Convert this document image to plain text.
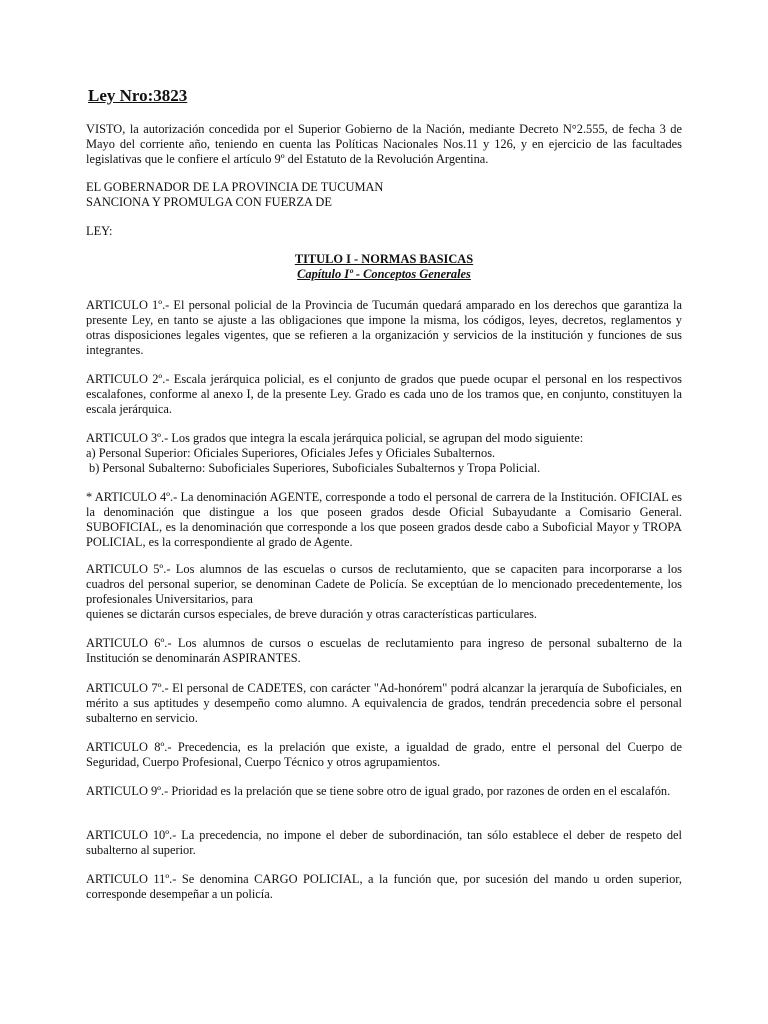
Ley Nro:3823

VISTO, la autorización concedida por el Superior Gobierno de la Nación, mediante Decreto N°2.555, de fecha 3 de Mayo del corriente año, teniendo en cuenta las Políticas Nacionales Nos.11 y 126, y en ejercicio de las facultades legislativas que le confiere el artículo 9º del Estatuto de la Revolución Argentina.

EL GOBERNADOR DE LA PROVINCIA DE TUCUMAN
SANCIONA Y PROMULGA CON FUERZA DE

LEY:

TITULO I - NORMAS BASICAS
Capítulo Iº - Conceptos Generales

ARTICULO 1º.- El personal policial de la Provincia de Tucumán quedará amparado en los derechos que garantiza la presente Ley, en tanto se ajuste a las obligaciones que impone la misma, los códigos, leyes, decretos, reglamentos y otras disposiciones legales vigentes, que se refieren a la organización y servicios de la institución y funciones de sus integrantes.

ARTICULO 2º.- Escala jerárquica policial, es el conjunto de grados que puede ocupar el personal en los respectivos escalafones, conforme al anexo I, de la presente Ley. Grado es cada uno de los tramos que, en conjunto, constituyen la escala jerárquica.

ARTICULO 3º.- Los grados que integra la escala jerárquica policial, se agrupan del modo siguiente:
a) Personal Superior: Oficiales Superiores, Oficiales Jefes y Oficiales Subalternos.
b) Personal Subalterno: Suboficiales Superiores, Suboficiales Subalternos y Tropa Policial.

* ARTICULO 4º.- La denominación AGENTE, corresponde a todo el personal de carrera de la Institución. OFICIAL es la denominación que distingue a los que poseen grados desde Oficial Subayudante a Comisario General. SUBOFICIAL, es la denominación que corresponde a los que poseen grados desde cabo a Suboficial Mayor y TROPA POLICIAL, es la correspondiente al grado de Agente.

ARTICULO 5º.- Los alumnos de las escuelas o cursos de reclutamiento, que se capaciten para incorporarse a los cuadros del personal superior, se denominan Cadete de Policía. Se exceptúan de lo mencionado precedentemente, los profesionales Universitarios, para
quienes se dictarán cursos especiales, de breve duración y otras características particulares.

ARTICULO 6º.- Los alumnos de cursos o escuelas de reclutamiento para ingreso de personal subalterno de la Institución se denominarán ASPIRANTES.

ARTICULO 7º.- El personal de CADETES, con carácter "Ad-honórem" podrá alcanzar la jerarquía de Suboficiales, en mérito a sus aptitudes y desempeño como alumno. A equivalencia de grados, tendrán precedencia sobre el personal subalterno en servicio.

ARTICULO 8º.- Precedencia, es la prelación que existe, a igualdad de grado, entre el personal del Cuerpo de Seguridad, Cuerpo Profesional, Cuerpo Técnico y otros agrupamientos.

ARTICULO 9º.- Prioridad es la prelación que se tiene sobre otro de igual grado, por razones de orden en el escalafón.

ARTICULO 10º.- La precedencia, no impone el deber de subordinación, tan sólo establece el deber de respeto del subalterno al superior.

ARTICULO 11º.- Se denomina CARGO POLICIAL, a la función que, por sucesión del mando u orden superior, corresponde desempeñar a un policía.
